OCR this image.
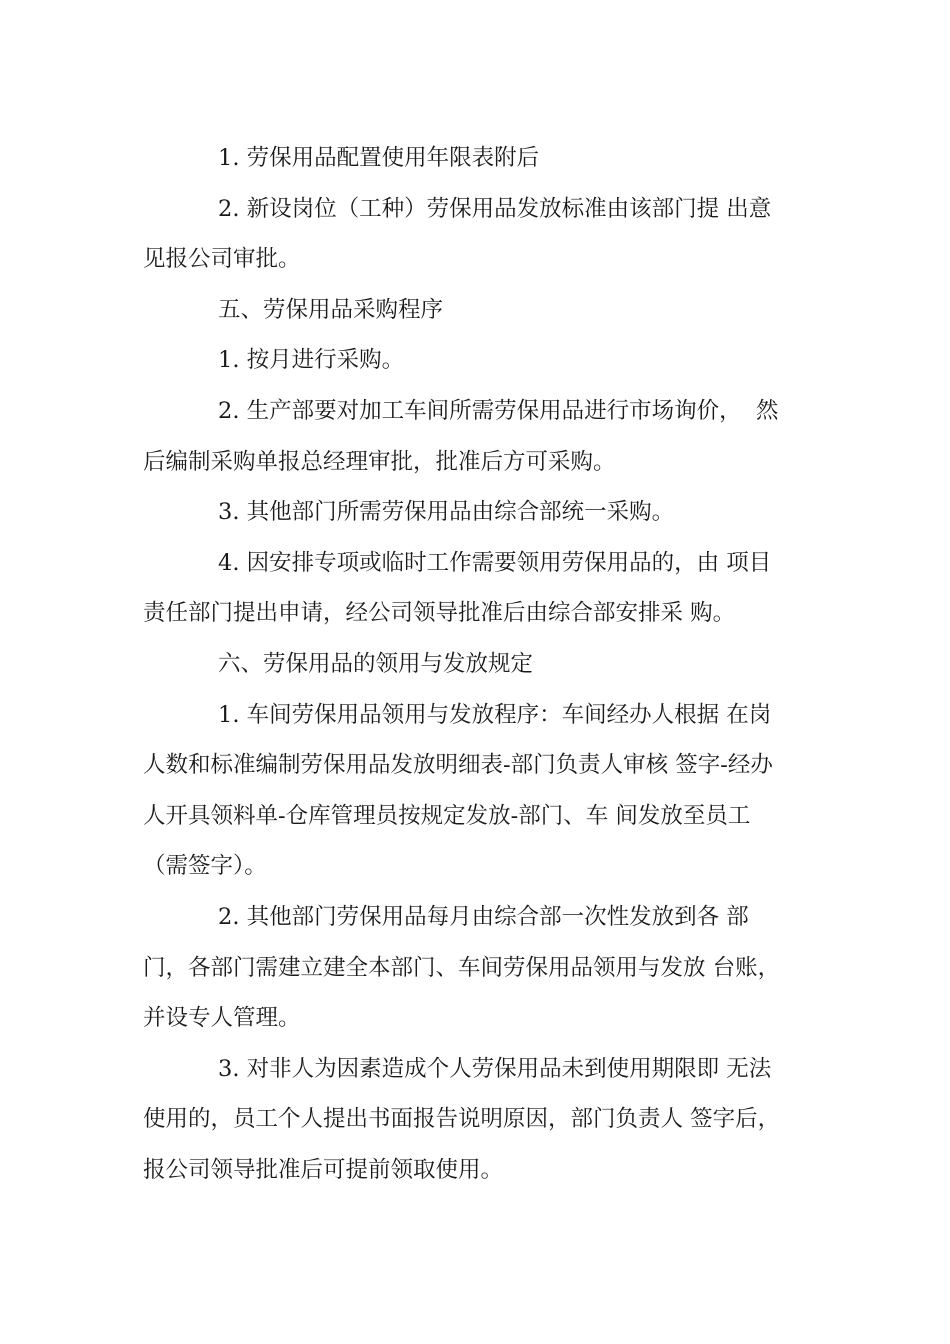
1. 劳保用品配置使用年限表附后
2. 新设岗位（工种）劳保用品发放标准由该部门提 出意
见报公司审批。
五、劳保用品采购程序
1. 按月进行采购。
2. 生产部要对加工车间所需劳保用品进行市场询价，  然
后编制采购单报总经理审批，批准后方可采购。
3. 其他部门所需劳保用品由综合部统一采购。
4. 因安排专项或临时工作需要领用劳保用品的，由 项目
责任部门提出申请，经公司领导批准后由综合部安排采 购。
六、劳保用品的领用与发放规定
1. 车间劳保用品领用与发放程序：车间经办人根据 在岗
人数和标准编制劳保用品发放明细表-部门负责人审核 签字-经办
人开具领料单-仓库管理员按规定发放-部门、车 间发放至员工
（需签字）。
2. 其他部门劳保用品每月由综合部一次性发放到各 部
门，各部门需建立建全本部门、车间劳保用品领用与发放 台账，
并设专人管理。
3. 对非人为因素造成个人劳保用品未到使用期限即 无法
使用的，员工个人提出书面报告说明原因，部门负责人 签字后，
报公司领导批准后可提前领取使用。
